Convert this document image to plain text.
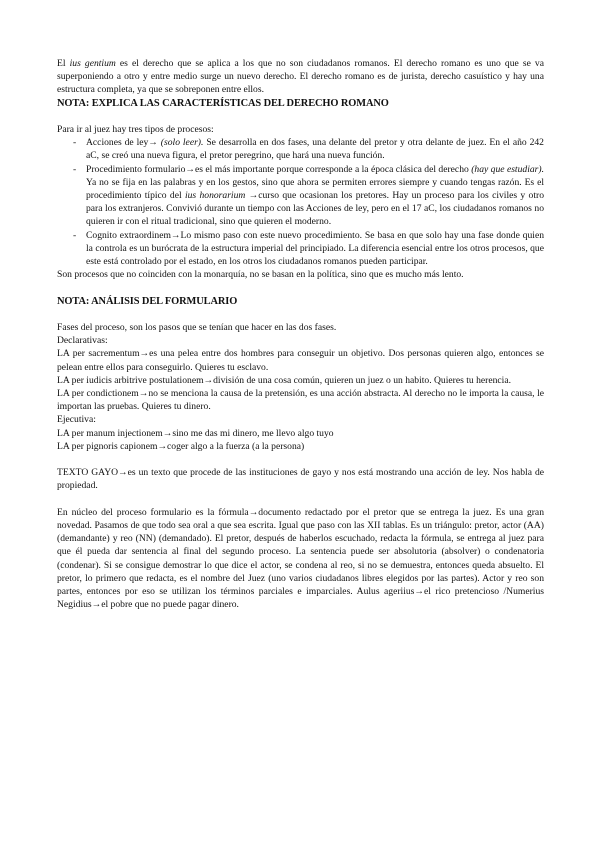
El ius gentium es el derecho que se aplica a los que no son ciudadanos romanos. El derecho romano es uno que se va superponiendo a otro y entre medio surge un nuevo derecho. El derecho romano es de jurista, derecho casuístico y hay una estructura completa, ya que se sobreponen entre ellos.

NOTA: EXPLICA LAS CARACTERÍSTICAS DEL DERECHO ROMANO

Para ir al juez hay tres tipos de procesos:

- Acciones de ley→ (solo leer). Se desarrolla en dos fases, una delante del pretor y otra delante de juez. En el año 242 aC, se creó una nueva figura, el pretor peregrino, que hará una nueva función.
- Procedimiento formulario→es el más importante porque corresponde a la época clásica del derecho (hay que estudiar). Ya no se fija en las palabras y en los gestos, sino que ahora se permiten errores siempre y cuando tengas razón. Es el procedimiento típico del ius honorarium →curso que ocasionan los pretores. Hay un proceso para los civiles y otro para los extranjeros. Convivió durante un tiempo con las Acciones de ley, pero en el 17 aC, los ciudadanos romanos no quieren ir con el ritual tradicional, sino que quieren el moderno.
- Cognito extraordinem→Lo mismo paso con este nuevo procedimiento. Se basa en que solo hay una fase donde quien la controla es un burócrata de la estructura imperial del principiado. La diferencia esencial entre los otros procesos, que este está controlado por el estado, en los otros los ciudadanos romanos pueden participar.

Son procesos que no coinciden con la monarquía, no se basan en la política, sino que es mucho más lento.

NOTA: ANÁLISIS DEL FORMULARIO

Fases del proceso, son los pasos que se tenían que hacer en las dos fases.

Declarativas:

LA per sacrementum→es una pelea entre dos hombres para conseguir un objetivo. Dos personas quieren algo, entonces se pelean entre ellos para conseguirlo. Quieres tu esclavo.

LA per iudicis arbitrive postulationem→división de una cosa común, quieren un juez o un habito. Quieres tu herencia.

LA per condictionem→no se menciona la causa de la pretensión, es una acción abstracta. Al derecho no le importa la causa, le importan las pruebas. Quieres tu dinero.

Ejecutiva:

LA per manum injectionem→sino me das mi dinero, me llevo algo tuyo

LA per pignoris capionem→coger algo a la fuerza (a la persona)

TEXTO GAYO→es un texto que procede de las instituciones de gayo y nos está mostrando una acción de ley. Nos habla de propiedad.

En núcleo del proceso formulario es la fórmula→documento redactado por el pretor que se entrega la juez. Es una gran novedad. Pasamos de que todo sea oral a que sea escrita. Igual que paso con las XII tablas. Es un triángulo: pretor, actor (AA) (demandante) y reo (NN) (demandado). El pretor, después de haberlos escuchado, redacta la fórmula, se entrega al juez para que él pueda dar sentencia al final del segundo proceso. La sentencia puede ser absolutoria (absolver) o condenatoria (condenar). Si se consigue demostrar lo que dice el actor, se condena al reo, si no se demuestra, entonces queda absuelto. El pretor, lo primero que redacta, es el nombre del Juez (uno varios ciudadanos libres elegidos por las partes). Actor y reo son partes, entonces por eso se utilizan los términos parciales e imparciales. Aulus ageriius→el rico pretencioso /Numerius Negidius→el pobre que no puede pagar dinero.
